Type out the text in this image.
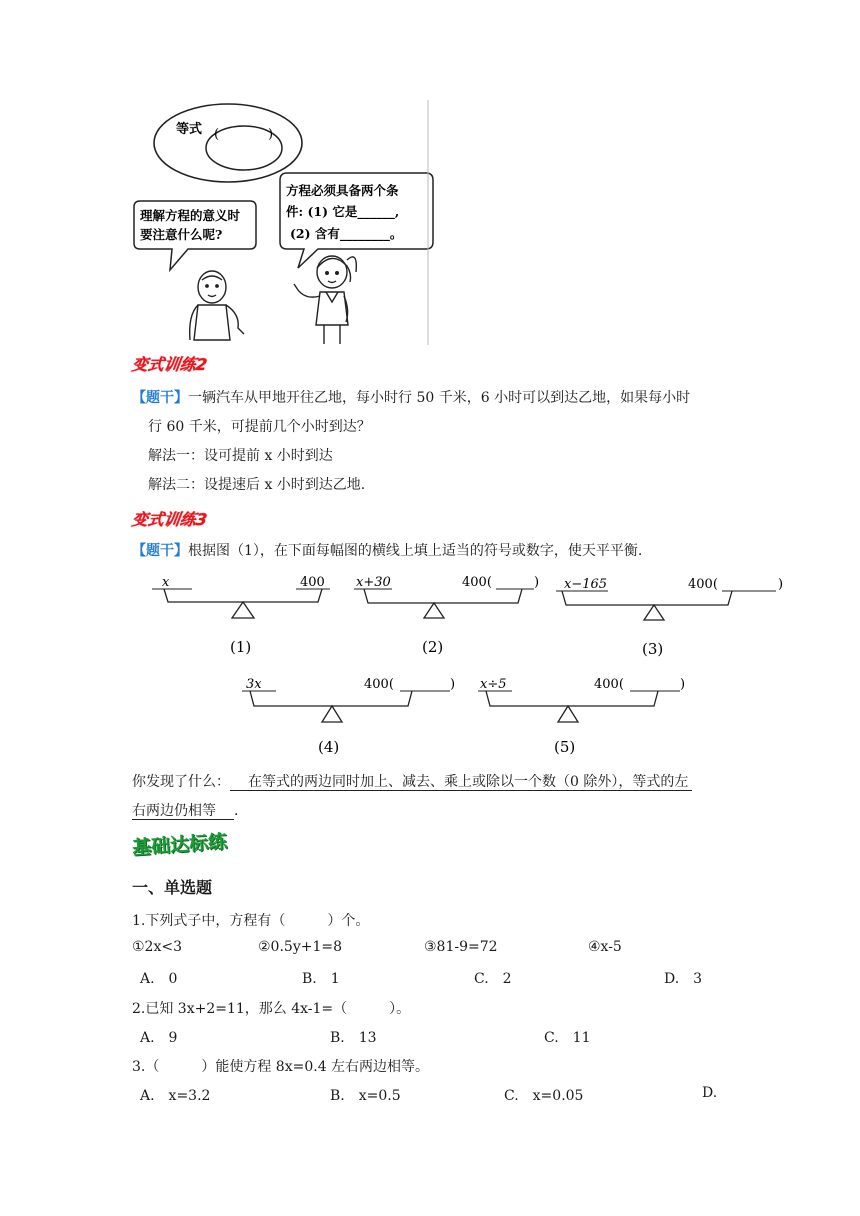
等式 (	)
理解方程的意义时
要注意什么呢?
方程必须具备两个条
件: (1) 它是______,
(2) 含有________。
变式训练2
【题干】一辆汽车从甲地开往乙地，每小时行 50 千米，6 小时可以到达乙地，如果每小时
行 60 千米，可提前几个小时到达？
解法一：设可提前 x 小时到达
解法二：设提速后 x 小时到达乙地.
变式训练3
【题干】根据图（1），在下面每幅图的横线上填上适当的符号或数字，使天平平衡.
x	400
(1)
x+30	400(	)
(2)
x−165	400(	)
(3)
3x	400(	)
(4)
x÷5	400(	)
(5)
你发现了什么： 在等式的两边同时加上、减去、乘上或除以一个数（0 除外），等式的左
右两边仍相等 .
基础达标练
一、单选题
1.下列式子中，方程有（　　　）个。
①2x<3	②0.5y+1=8	③81-9=72	④x-5
A.　0	B.　1	C.　2	D.　3
2.已知 3x+2=11，那么 4x-1=（　　　）。
A.　9	B.　13	C.　11
3.（　　　）能使方程 8x=0.4 左右两边相等。
A.　x=3.2	B.　x=0.5	C.　x=0.05	D.
